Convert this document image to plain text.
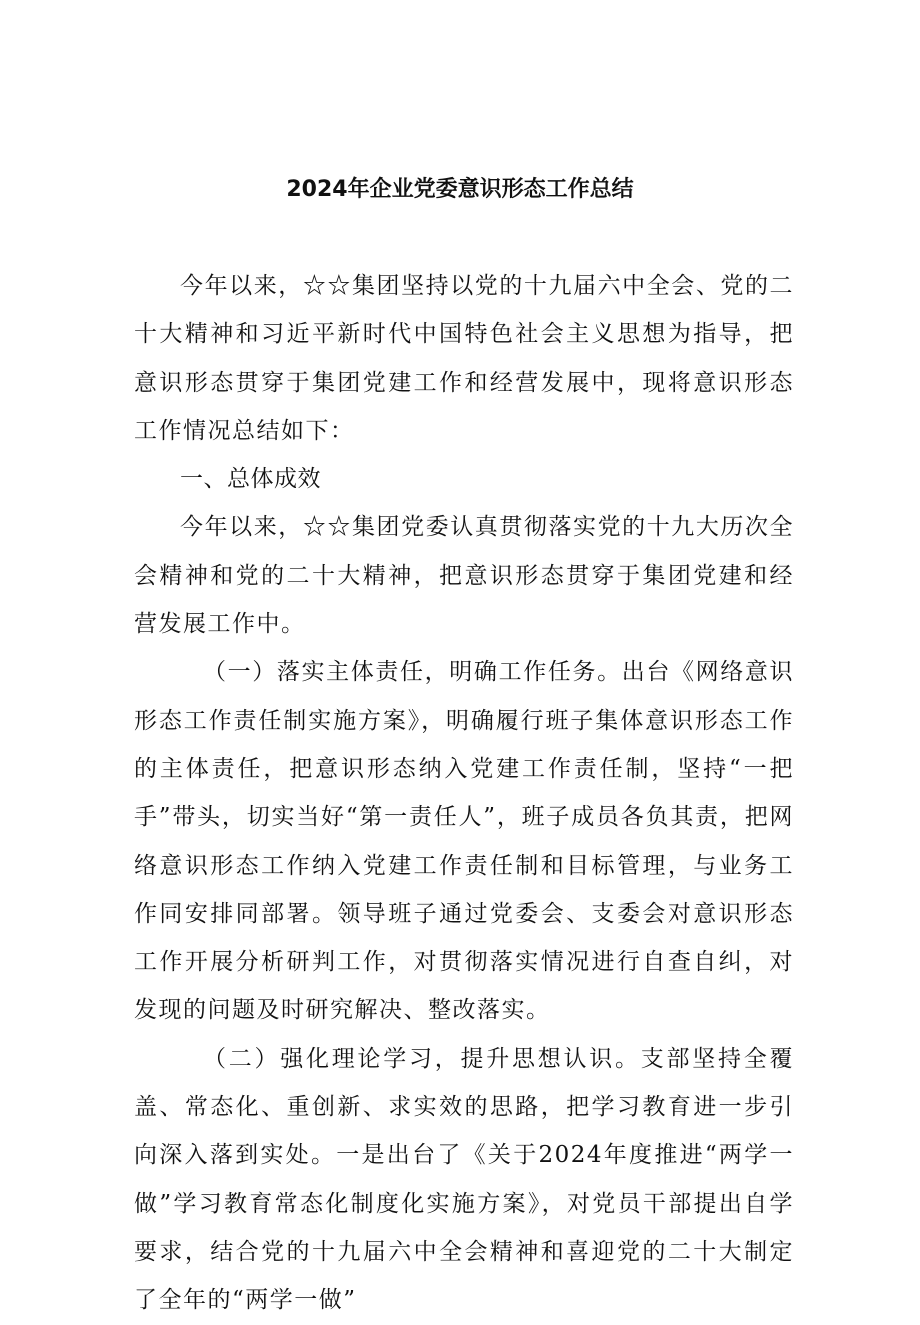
2024年企业党委意识形态工作总结

今年以来，☆☆集团坚持以党的十九届六中全会、党的二十大精神和习近平新时代中国特色社会主义思想为指导，把意识形态贯穿于集团党建工作和经营发展中，现将意识形态工作情况总结如下：

一、总体成效

今年以来，☆☆集团党委认真贯彻落实党的十九大历次全会精神和党的二十大精神，把意识形态贯穿于集团党建和经营发展工作中。

（一）落实主体责任，明确工作任务。出台《网络意识形态工作责任制实施方案》，明确履行班子集体意识形态工作的主体责任，把意识形态纳入党建工作责任制，坚持“一把手”带头，切实当好“第一责任人”，班子成员各负其责，把网络意识形态工作纳入党建工作责任制和目标管理，与业务工作同安排同部署。领导班子通过党委会、支委会对意识形态工作开展分析研判工作，对贯彻落实情况进行自查自纠，对发现的问题及时研究解决、整改落实。

（二）强化理论学习，提升思想认识。支部坚持全覆盖、常态化、重创新、求实效的思路，把学习教育进一步引向深入落到实处。一是出台了《关于2024年度推进“两学一做”学习教育常态化制度化实施方案》，对党员干部提出自学要求，结合党的十九届六中全会精神和喜迎党的二十大制定了全年的“两学一做”
